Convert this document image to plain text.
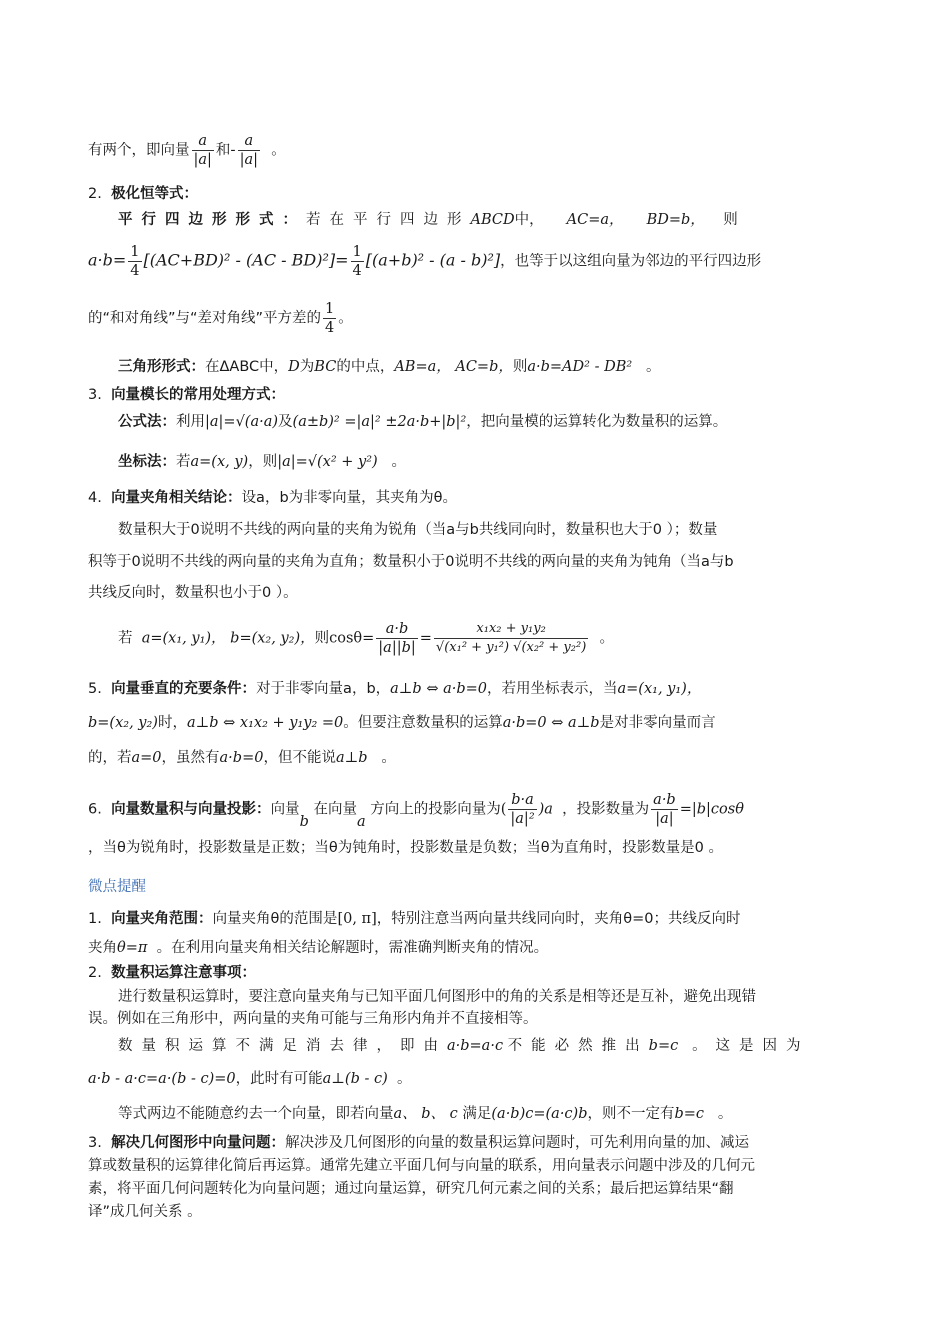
有两个，即向量 $\frac{a}{|a|}$ 和- $\frac{a}{|a|}$ 。
2. 极化恒等式：
平行四边形形式：若在平行四边形ABCD中， AC=a， BD=b， 则
$a\cdot b= \frac{1}{4} [(AC+BD)^2 - (AC - BD)^2]= \frac{1}{4} [(a+b)^2 - (a - b)^2]$，也等于以这组向量为邻边的平行四边形
的“和对角线”与“差对角线”平方差的 $\frac{1}{4}$ 。
三角形形式：在ΔABC中，D为BC的中点，AB=a， AC=b，则a·b=AD² - DB² 。
3. 向量模长的常用处理方式：
公式法：利用|a|=√(a·a)及(a±b)² =|a|² ±2a·b+|b|²，把向量模的运算转化为数量积的运算。
坐标法：若a=(x, y)，则|a|=√(x² + y²) 。
4. 向量夹角相关结论：设a，b为非零向量，其夹角为θ。
数量积大于0说明不共线的两向量的夹角为锐角（当a与b共线同向时，数量积也大于0 ）；数量
积等于0说明不共线的两向量的夹角为直角；数量积小于0说明不共线的两向量的夹角为钝角（当a与b
共线反向时，数量积也小于0 ）。
若 a=(x₁, y₁)， b=(x₂, y₂)，则$\cos\theta= \frac{a\cdot b}{|a||b|} = \frac{\text{x₁x₂ + y₁y₂}}{\text{√(x₁² + y₁²) √(x₂² + y₂²)}}$ 。
5. 向量垂直的充要条件：对于非零向量a，b，a⊥b ⇔ a·b=0，若用坐标表示，当a=(x₁, y₁)，
b=(x₂, y₂)时，a⊥b ⇔ x₁x₂ + y₁y₂ =0。但要注意数量积的运算a·b=0 ⇔ a⊥b是对非零向量而言
的，若a=0，虽然有a·b=0，但不能说a⊥b 。
6. 向量数量积与向量投影：向量b 在向量a 方向上的投影向量为( $\frac{b\cdot a}{\text{|a|²}} )a$ ，投影数量为 $\frac{a\cdot b}{|a|} =|b|\cos\theta$
，当θ为锐角时，投影数量是正数；当θ为钝角时，投影数量是负数；当θ为直角时，投影数量是0 。
微点提醒
1. 向量夹角范围：向量夹角θ的范围是[0, π]，特别注意当两向量共线同向时，夹角θ=0；共线反向时
夹角θ=π 。在利用向量夹角相关结论解题时，需准确判断夹角的情况。
2. 数量积运算注意事项：
进行数量积运算时，要注意向量夹角与已知平面几何图形中的角的关系是相等还是互补，避免出现错
误。例如在三角形中，两向量的夹角可能与三角形内角并不直接相等。
数量积运算不满足消去律，即由a·b=a·c 不能必然推出b=c 。这是因为
a·b - a·c=a·(b - c)=0，此时有可能a⊥(b - c) 。
等式两边不能随意约去一个向量，即若向量a、 b、 c 满足(a·b)c=(a·c)b，则不一定有b=c 。
3. 解决几何图形中向量问题：解决涉及几何图形的向量的数量积运算问题时，可先利用向量的加、减运
算或数量积的运算律化简后再运算。通常先建立平面几何与向量的联系，用向量表示问题中涉及的几何元
素，将平面几何问题转化为向量问题；通过向量运算，研究几何元素之间的关系；最后把运算结果“翻
译”成几何关系 。
